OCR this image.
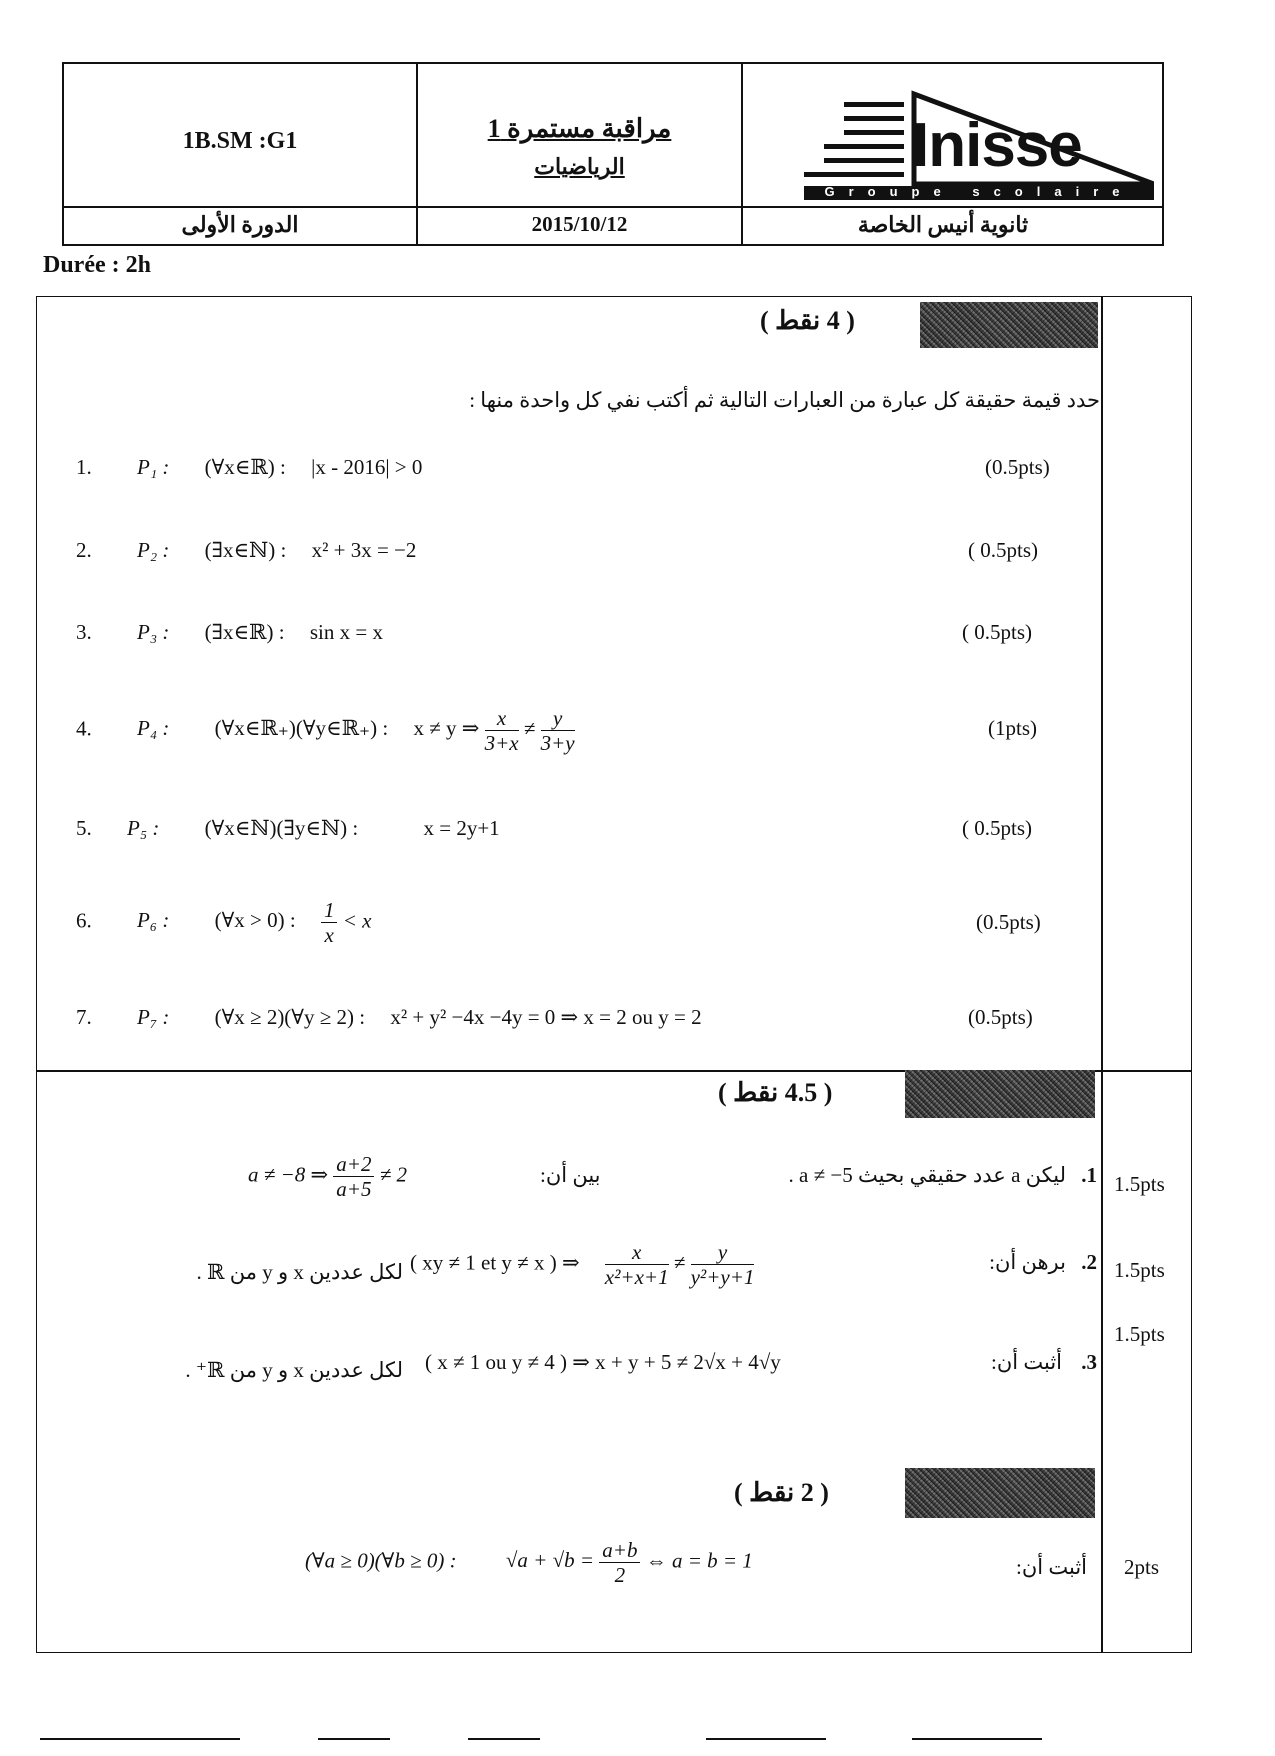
1B.SM :G1	مراقبة مستمرة 1
الرياضيات	Inisse
Groupe scolaire
الدورة الأولى	2015/10/12	ثانوية أنيس الخاصة
Durée : 2h
( 4 نقط )
حدد قيمة حقيقة كل عبارة من العبارات التالية ثم أكتب نفي كل واحدة منها :
1. P₁ : (∀x∈ℝ) : |x - 2016| > 0	(0.5pts)
2. P₂ : (∃x∈ℕ) : x² + 3x = −2	( 0.5pts)
3. P₃ : (∃x∈ℝ) : sin x = x	( 0.5pts)
4. P₄ : (∀x∈ℝ₊)(∀y∈ℝ₊) : x ≠ y ⇒ $\frac{x}{3+x} \ne \frac{y}{3+y}$	(1pts)
5. P₅ : (∀x∈ℕ)(∃y∈ℕ) :	x = 2y+1	( 0.5pts)
6. P₆ : (∀x > 0) : $\frac{1}{x} < x$	(0.5pts)
7. P₇ : (∀x ≥ 2)(∀y ≥ 2) : x² + y² −4x −4y = 0 ⇒ x = 2 ou y = 2	(0.5pts)
( 4.5 نقط )
1. ليكن a عدد حقيقي بحيث a ≠ −5 .
بين أن:
a ≠ −8 ⇒ $\frac{a+2}{a+5} \ne 2$	1.5pts
2. برهن أن:
( xy ≠ 1 et y ≠ x ) ⇒ $\frac{x}{\text{x²+x+1}} \ne \frac{y}{\text{y²+y+1}}$
لكل عددين x و y من ℝ .	1.5pts
3. أثبت أن:
( x ≠ 1 ou y ≠ 4 ) ⇒ x + y + 5 ≠ 2√x + 4√y
لكل عددين x و y من ℝ⁺ .
1.5pts
( 2 نقط )
أثبت أن:
(∀a ≥ 0)(∀b ≥ 0) : $√a + √b = \frac{a+b}{2}$ ⇔ a = b = 1	2pts
